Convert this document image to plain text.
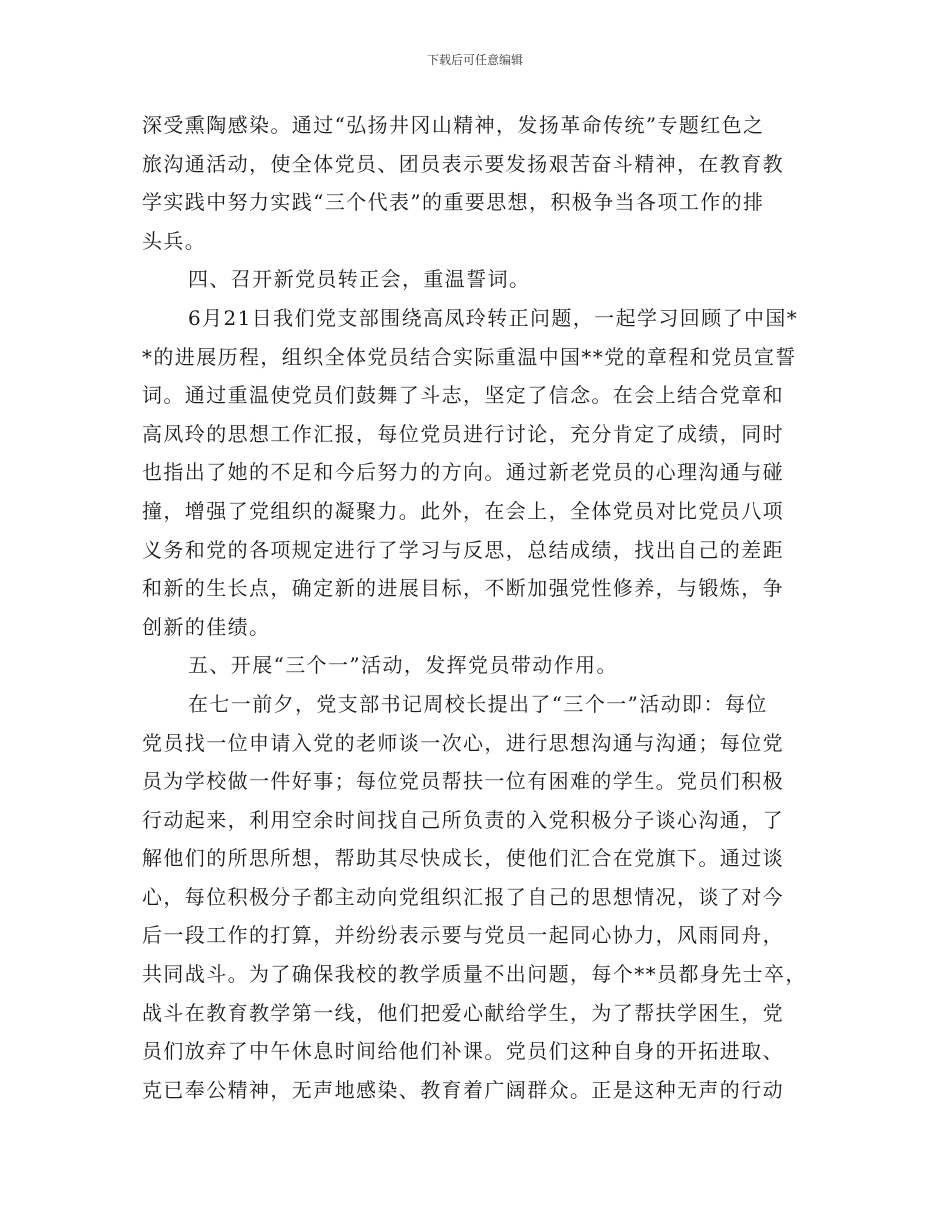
下载后可任意编辑
深受熏陶感染。通过“弘扬井冈山精神，发扬革命传统”专题红色之
旅沟通活动，使全体党员、团员表示要发扬艰苦奋斗精神，在教育教
学实践中努力实践“三个代表”的重要思想，积极争当各项工作的排
头兵。
四、召开新党员转正会，重温誓词。
6月21日我们党支部围绕高凤玲转正问题，一起学习回顾了中国*
*的进展历程，组织全体党员结合实际重温中国**党的章程和党员宣誓
词。通过重温使党员们鼓舞了斗志，坚定了信念。在会上结合党章和
高凤玲的思想工作汇报，每位党员进行讨论，充分肯定了成绩，同时
也指出了她的不足和今后努力的方向。通过新老党员的心理沟通与碰
撞，增强了党组织的凝聚力。此外，在会上，全体党员对比党员八项
义务和党的各项规定进行了学习与反思，总结成绩，找出自己的差距
和新的生长点，确定新的进展目标，不断加强党性修养，与锻炼，争
创新的佳绩。
五、开展“三个一”活动，发挥党员带动作用。
在七一前夕，党支部书记周校长提出了“三个一”活动即：每位
党员找一位申请入党的老师谈一次心，进行思想沟通与沟通；每位党
员为学校做一件好事；每位党员帮扶一位有困难的学生。党员们积极
行动起来，利用空余时间找自己所负责的入党积极分子谈心沟通，了
解他们的所思所想，帮助其尽快成长，使他们汇合在党旗下。通过谈
心，每位积极分子都主动向党组织汇报了自己的思想情况，谈了对今
后一段工作的打算，并纷纷表示要与党员一起同心协力，风雨同舟，
共同战斗。为了确保我校的教学质量不出问题，每个**员都身先士卒，
战斗在教育教学第一线，他们把爱心献给学生，为了帮扶学困生，党
员们放弃了中午休息时间给他们补课。党员们这种自身的开拓进取、
克已奉公精神，无声地感染、教育着广阔群众。正是这种无声的行动
